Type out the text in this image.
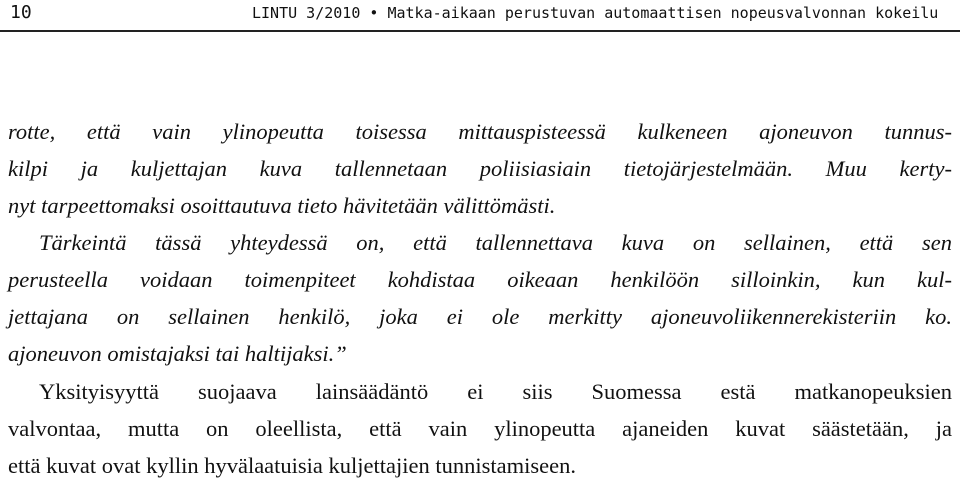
10	LINTU 3/2010 • Matka-aikaan perustuvan automaattisen nopeusvalvonnan kokeilu
rotte, että vain ylinopeutta toisessa mittauspisteessä kulkeneen ajoneuvon tunnus-
kilpi ja kuljettajan kuva tallennetaan poliisiasiain tietojärjestelmään. Muu kerty-
nyt tarpeettomaksi osoittautuva tieto hävitetään välittömästi.
Tärkeintä tässä yhteydessä on, että tallennettava kuva on sellainen, että sen
perusteella voidaan toimenpiteet kohdistaa oikeaan henkilöön silloinkin, kun kul-
jettajana on sellainen henkilö, joka ei ole merkitty ajoneuvoliikennerekisteriin ko.
ajoneuvon omistajaksi tai haltijaksi.”
Yksityisyyttä suojaava lainsäädäntö ei siis Suomessa estä matkanopeuksien
valvontaa, mutta on oleellista, että vain ylinopeutta ajaneiden kuvat säästetään, ja
että kuvat ovat kyllin hyvälaatuisia kuljettajien tunnistamiseen.
